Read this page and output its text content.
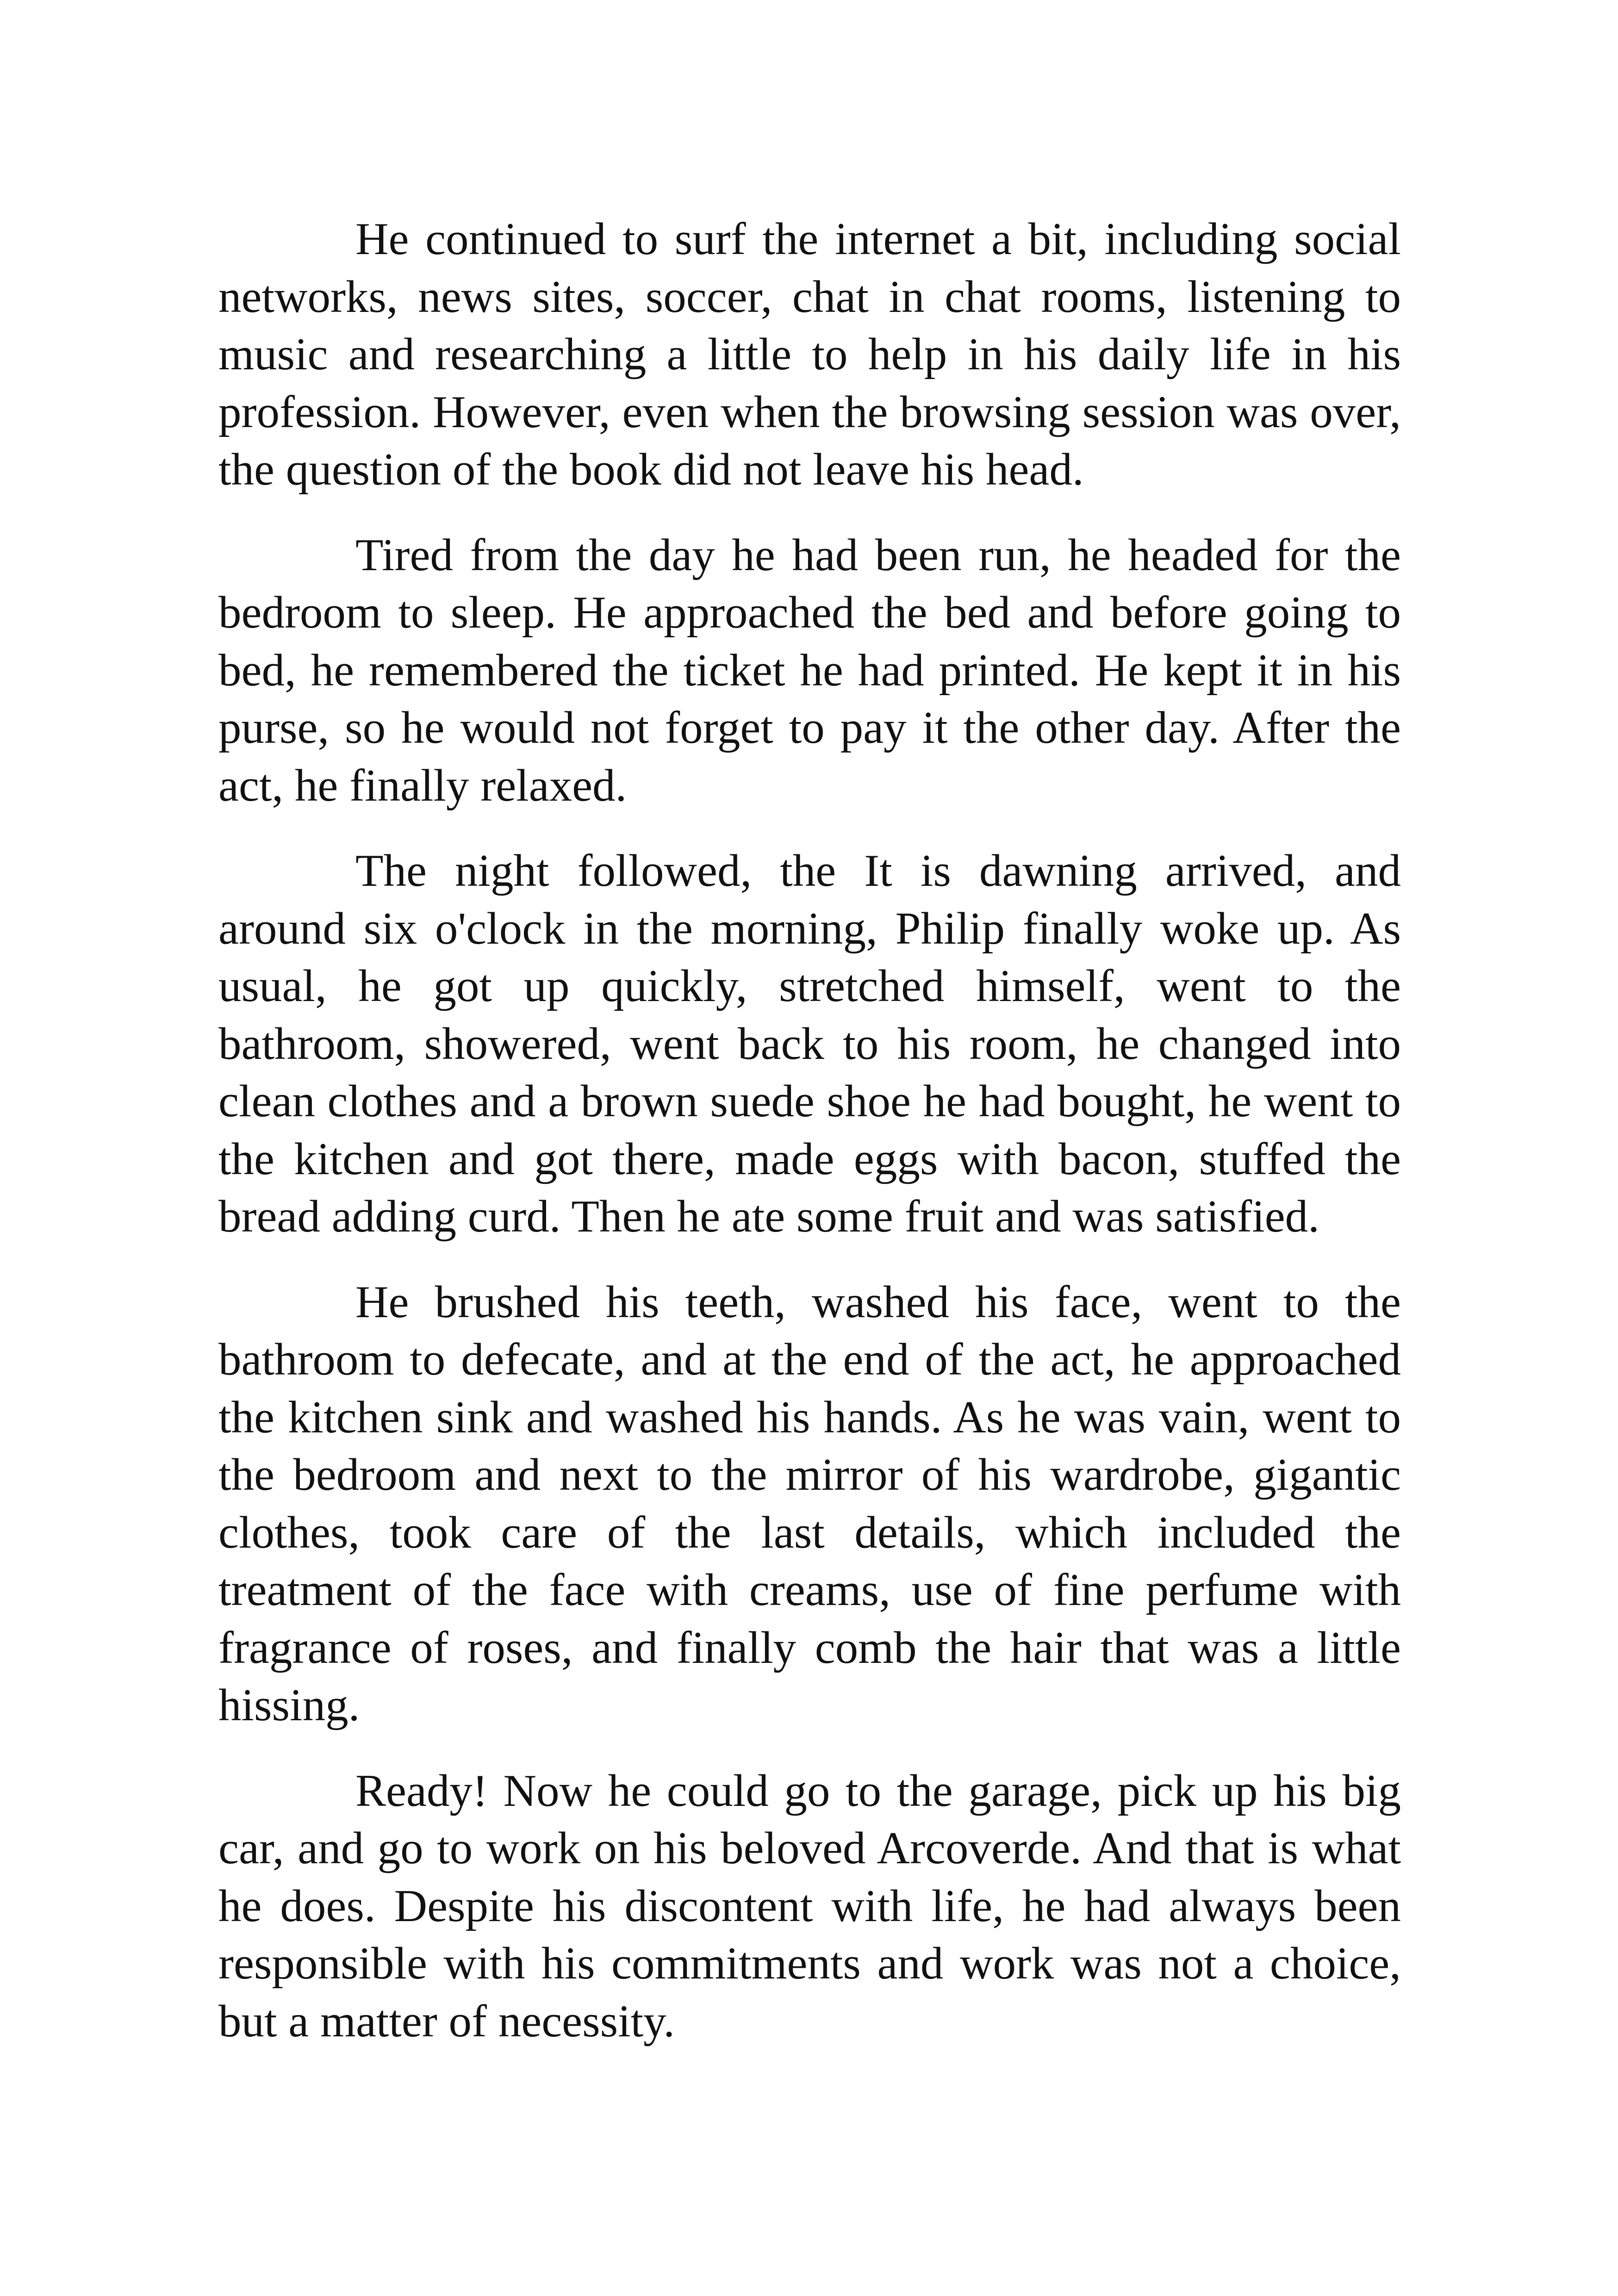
He continued to surf the internet a bit, including social networks, news sites, soccer, chat in chat rooms, listening to music and researching a little to help in his daily life in his profession. However, even when the browsing session was over, the question of the book did not leave his head.

Tired from the day he had been run, he headed for the bedroom to sleep. He approached the bed and before going to bed, he remembered the ticket he had printed. He kept it in his purse, so he would not forget to pay it the other day. After the act, he finally relaxed.

The night followed, the It is dawning arrived, and around six o'clock in the morning, Philip finally woke up. As usual, he got up quickly, stretched himself, went to the bathroom, showered, went back to his room, he changed into clean clothes and a brown suede shoe he had bought, he went to the kitchen and got there, made eggs with bacon, stuffed the bread adding curd. Then he ate some fruit and was satisfied.

He brushed his teeth, washed his face, went to the bathroom to defecate, and at the end of the act, he approached the kitchen sink and washed his hands. As he was vain, went to the bedroom and next to the mirror of his wardrobe, gigantic clothes, took care of the last details, which included the treatment of the face with creams, use of fine perfume with fragrance of roses, and finally comb the hair that was a little hissing.

Ready! Now he could go to the garage, pick up his big car, and go to work on his beloved Arcoverde. And that is what he does. Despite his discontent with life, he had always been responsible with his commitments and work was not a choice, but a matter of necessity.
